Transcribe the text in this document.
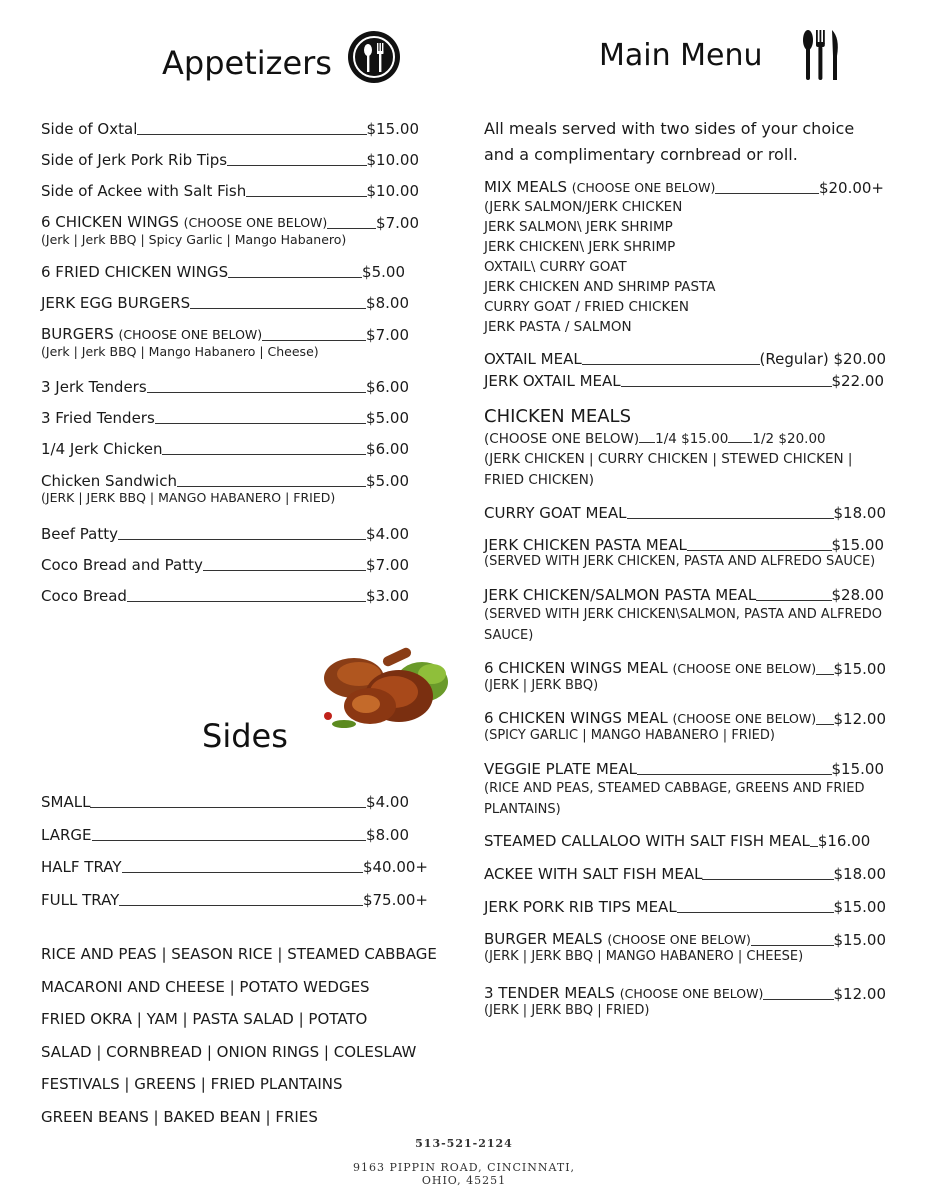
Appetizers	Main Menu
Side of Oxtal	$15.00
Side of Jerk Pork Rib Tips	$10.00
Side of Ackee with Salt Fish	$10.00
6 CHICKEN WINGS (CHOOSE ONE BELOW)	$7.00
(Jerk | Jerk BBQ | Spicy Garlic | Mango Habanero)
6 FRIED CHICKEN WINGS	$5.00
JERK EGG BURGERS	$8.00
BURGERS (CHOOSE ONE BELOW)	$7.00
(Jerk | Jerk BBQ | Mango Habanero | Cheese)
3 Jerk Tenders	$6.00
3 Fried Tenders	$5.00
1/4 Jerk Chicken	$6.00
Chicken Sandwich	$5.00
(JERK | JERK BBQ | MANGO HABANERO | FRIED)
Beef Patty	$4.00
Coco Bread and Patty	$7.00
Coco Bread	$3.00
Sides
SMALL	$4.00
LARGE	$8.00
HALF TRAY	$40.00+
FULL TRAY	$75.00+
RICE AND PEAS | SEASON RICE | STEAMED CABBAGE
MACARONI AND CHEESE | POTATO WEDGES
FRIED OKRA | YAM | PASTA SALAD | POTATO
SALAD | CORNBREAD | ONION RINGS | COLESLAW
FESTIVALS | GREENS | FRIED PLANTAINS
GREEN BEANS | BAKED BEAN | FRIES
All meals served with two sides of your choice
and a complimentary cornbread or roll.
MIX MEALS (CHOOSE ONE BELOW)	$20.00+
(JERK SALMON/JERK CHICKEN
JERK SALMON\ JERK SHRIMP
JERK CHICKEN\ JERK SHRIMP
OXTAIL\ CURRY GOAT
JERK CHICKEN AND SHRIMP PASTA
CURRY GOAT / FRIED CHICKEN
JERK PASTA / SALMON
OXTAIL MEAL	(Regular) $20.00
JERK OXTAIL MEAL	$22.00
CHICKEN MEALS
(CHOOSE ONE BELOW) 1/4 $15.00 1/2 $20.00
(JERK CHICKEN | CURRY CHICKEN | STEWED CHICKEN |
FRIED CHICKEN)
CURRY GOAT MEAL	$18.00
JERK CHICKEN PASTA MEAL	$15.00
(SERVED WITH JERK CHICKEN, PASTA AND ALFREDO SAUCE)
JERK CHICKEN/SALMON PASTA MEAL	$28.00
(SERVED WITH JERK CHICKEN\SALMON, PASTA AND ALFREDO
SAUCE)
6 CHICKEN WINGS MEAL (CHOOSE ONE BELOW) $15.00
(JERK | JERK BBQ)
6 CHICKEN WINGS MEAL (CHOOSE ONE BELOW) $12.00
(SPICY GARLIC | MANGO HABANERO | FRIED)
VEGGIE PLATE MEAL	$15.00
(RICE AND PEAS, STEAMED CABBAGE, GREENS AND FRIED
PLANTAINS)
STEAMED CALLALOO WITH SALT FISH MEAL $16.00
ACKEE WITH SALT FISH MEAL	$18.00
JERK PORK RIB TIPS MEAL	$15.00
BURGER MEALS (CHOOSE ONE BELOW)	$15.00
(JERK | JERK BBQ | MANGO HABANERO | CHEESE)
3 TENDER MEALS (CHOOSE ONE BELOW)	$12.00
(JERK | JERK BBQ | FRIED)
513-521-2124
9163 PIPPIN ROAD, CINCINNATI,
OHIO, 45251
